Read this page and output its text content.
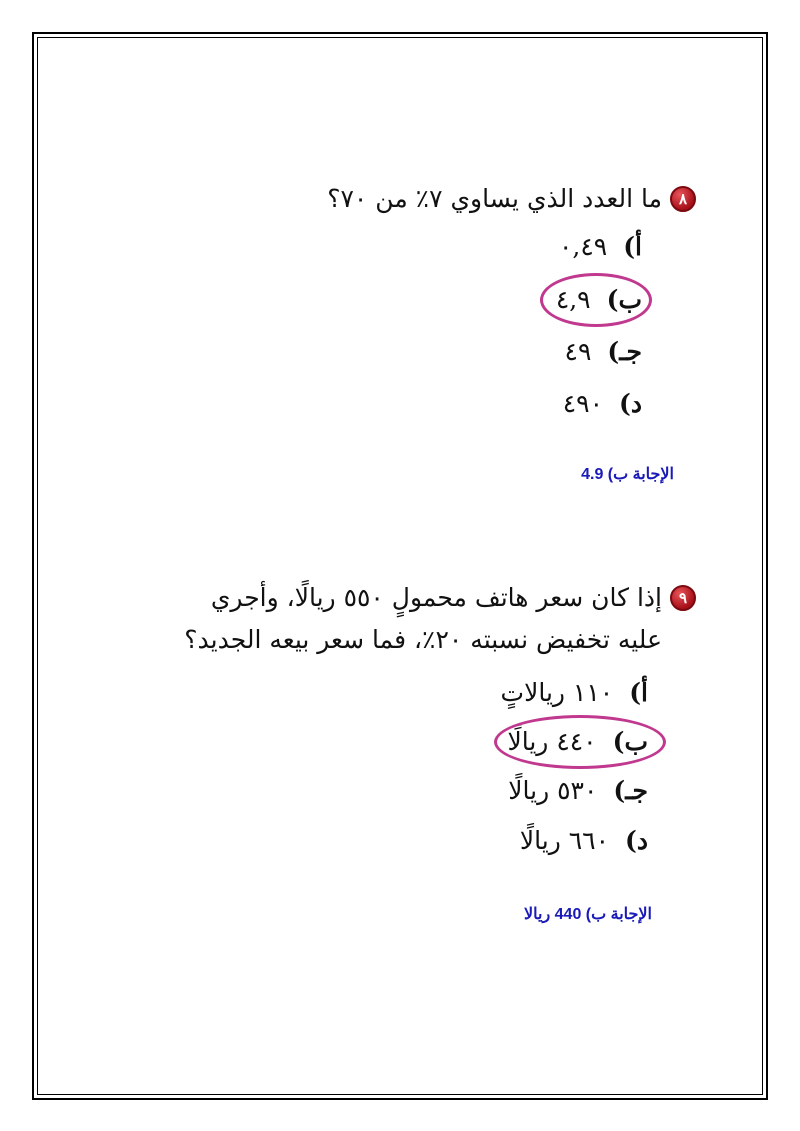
٨
ما العدد الذي يساوي ٧٪ من ٧٠؟
أ)٠,٤٩
ب)٤,٩
جـ)٤٩
د)٤٩٠
الإجابة ب) 4.9
٩
إذا كان سعر هاتف محمولٍ ٥٥٠ ريالًا، وأجري
عليه تخفيض نسبته ٢٠٪، فما سعر بيعه الجديد؟
أ)١١٠ ريالاتٍ
ب)٤٤٠ ريالًا
جـ)٥٣٠ ريالًا
د)٦٦٠ ريالًا
الإجابة ب) 440 ريالا
